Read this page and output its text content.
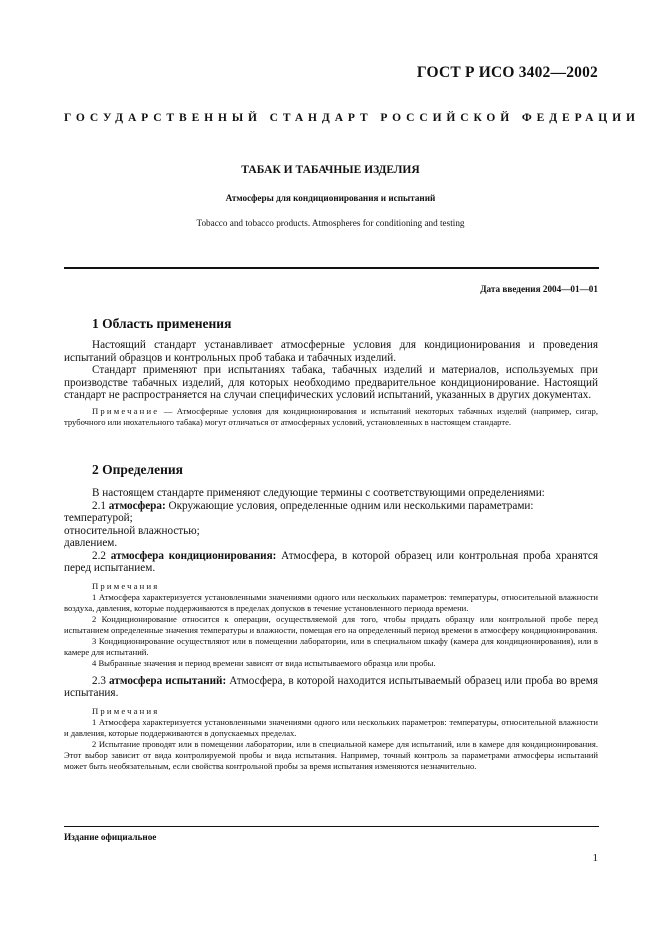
ГОСТ Р ИСО 3402—2002
ГОСУДАРСТВЕННЫЙ СТАНДАРТ РОССИЙСКОЙ ФЕДЕРАЦИИ
ТАБАК И ТАБАЧНЫЕ ИЗДЕЛИЯ
Атмосферы для кондиционирования и испытаний
Tobacco and tobacco products. Atmospheres for conditioning and testing
Дата введения 2004—01—01
1 Область применения

Настоящий стандарт устанавливает атмосферные условия для кондиционирования и проведения испытаний образцов и контрольных проб табака и табачных изделий.

Стандарт применяют при испытаниях табака, табачных изделий и материалов, используемых при производстве табачных изделий, для которых необходимо предварительное кондиционирование. Настоящий стандарт не распространяется на случаи специфических условий испытаний, указанных в других документах.

Примечание — Атмосферные условия для кондиционирования и испытаний некоторых табачных изделий (например, сигар, трубочного или нюхательного табака) могут отличаться от атмосферных условий, установленных в настоящем стандарте.

2 Определения

В настоящем стандарте применяют следующие термины с соответствующими определениями:

2.1 атмосфера: Окружающие условия, определенные одним или несколькими параметрами:

температурой;

относительной влажностью;

давлением.

2.2 атмосфера кондиционирования: Атмосфера, в которой образец или контрольная проба хранятся перед испытанием.

Примечания

1 Атмосфера характеризуется установленными значениями одного или нескольких параметров: температуры, относительной влажности воздуха, давления, которые поддерживаются в пределах допусков в течение установленного периода времени.

2 Кондиционирование относится к операции, осуществляемой для того, чтобы придать образцу или контрольной пробе перед испытанием определенные значения температуры и влажности, помещая его на определенный период времени в атмосферу кондиционирования.

3 Кондиционирование осуществляют или в помещении лаборатории, или в специальном шкафу (камера для кондиционирования), или в камере для испытаний.

4 Выбранные значения и период времени зависят от вида испытываемого образца или пробы.

2.3 атмосфера испытаний: Атмосфера, в которой находится испытываемый образец или проба во время испытания.

Примечания

1 Атмосфера характеризуется установленными значениями одного или нескольких параметров: температуры, относительной влажности и давления, которые поддерживаются в допускаемых пределах.

2 Испытание проводят или в помещении лаборатории, или в специальной камере для испытаний, или в камере для кондиционирования. Этот выбор зависит от вида контролируемой пробы и вида испытания. Например, точный контроль за параметрами атмосферы испытаний может быть необязательным, если свойства контрольной пробы за время испытания изменяются незначительно.

Издание официальное
1
